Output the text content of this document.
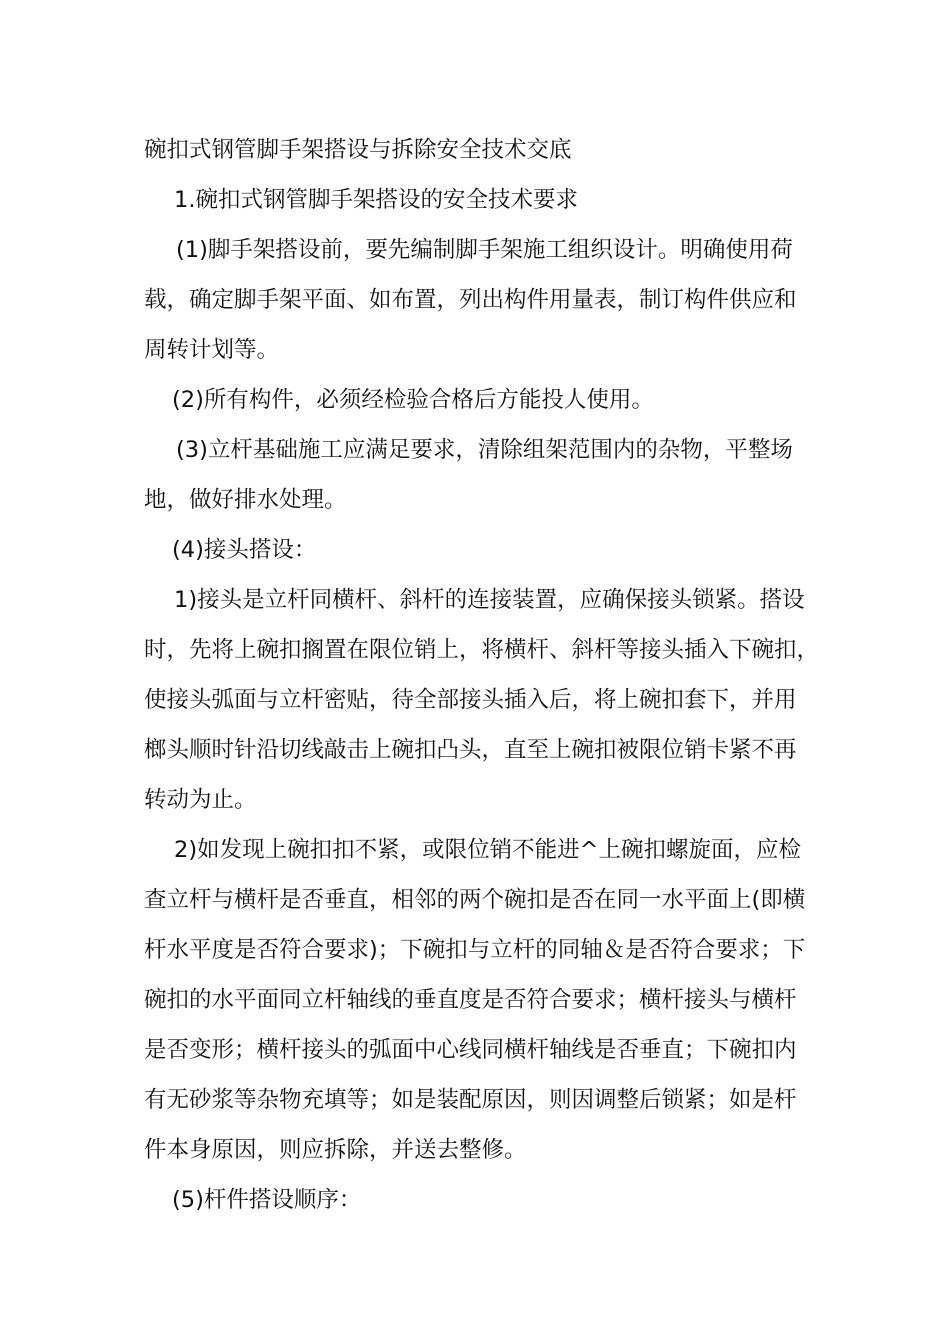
碗扣式钢管脚手架搭设与拆除安全技术交底

1.碗扣式钢管脚手架搭设的安全技术要求

(1)脚手架搭设前，要先编制脚手架施工组织设计。明确使用荷

载，确定脚手架平面、如布置，列出构件用量表，制订构件供应和

周转计划等。

(2)所有构件，必须经检验合格后方能投人使用。

(3)立杆基础施工应满足要求，清除组架范围内的杂物，平整场

地，做好排水处理。

(4)接头搭设：

1)接头是立杆同横杆、斜杆的连接装置，应确保接头锁紧。搭设

时，先将上碗扣搁置在限位销上，将横杆、斜杆等接头插入下碗扣，

使接头弧面与立杆密贴，待全部接头插入后，将上碗扣套下，并用

榔头顺时针沿切线敲击上碗扣凸头，直至上碗扣被限位销卡紧不再

转动为止。

2)如发现上碗扣扣不紧，或限位销不能进^上碗扣螺旋面，应检

查立杆与横杆是否垂直，相邻的两个碗扣是否在同一水平面上(即横

杆水平度是否符合要求)；下碗扣与立杆的同轴＆是否符合要求；下

碗扣的水平面同立杆轴线的垂直度是否符合要求；横杆接头与横杆

是否变形；横杆接头的弧面中心线同横杆轴线是否垂直；下碗扣内

有无砂浆等杂物充填等；如是装配原因，则因调整后锁紧；如是杆

件本身原因，则应拆除，并送去整修。

(5)杆件搭设顺序：
